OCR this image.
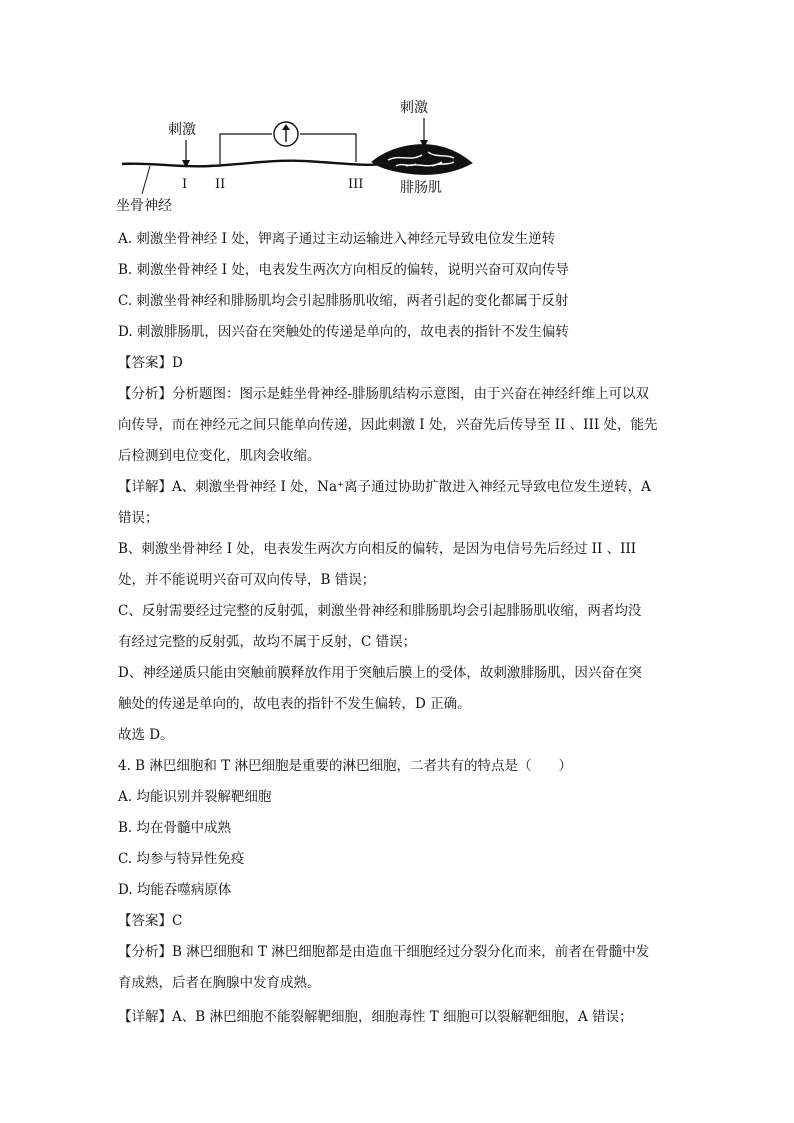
刺激
刺激
I II	III
坐骨神经
腓肠肌
A. 刺激坐骨神经 I 处，钾离子通过主动运输进入神经元导致电位发生逆转
B. 刺激坐骨神经 I 处，电表发生两次方向相反的偏转，说明兴奋可双向传导
C. 刺激坐骨神经和腓肠肌均会引起腓肠肌收缩，两者引起的变化都属于反射
D. 刺激腓肠肌，因兴奋在突触处的传递是单向的，故电表的指针不发生偏转
【答案】D
【分析】分析题图：图示是蛙坐骨神经-腓肠肌结构示意图，由于兴奋在神经纤维上可以双
向传导，而在神经元之间只能单向传递，因此刺激 I 处，兴奋先后传导至 II 、III 处，能先
后检测到电位变化，肌肉会收缩。
【详解】A、刺激坐骨神经 I 处，Na⁺离子通过协助扩散进入神经元导致电位发生逆转，A
错误；
B、刺激坐骨神经 I 处，电表发生两次方向相反的偏转，是因为电信号先后经过 II 、III
处，并不能说明兴奋可双向传导，B 错误；
C、反射需要经过完整的反射弧，刺激坐骨神经和腓肠肌均会引起腓肠肌收缩，两者均没
有经过完整的反射弧，故均不属于反射，C 错误；
D、神经递质只能由突触前膜释放作用于突触后膜上的受体，故刺激腓肠肌，因兴奋在突
触处的传递是单向的，故电表的指针不发生偏转，D 正确。
故选 D。
4. B 淋巴细胞和 T 淋巴细胞是重要的淋巴细胞，二者共有的特点是（　　）
A. 均能识别并裂解靶细胞
B. 均在骨髓中成熟
C. 均参与特异性免疫
D. 均能吞噬病原体
【答案】C
【分析】B 淋巴细胞和 T 淋巴细胞都是由造血干细胞经过分裂分化而来，前者在骨髓中发
育成熟，后者在胸腺中发育成熟。
【详解】A、B 淋巴细胞不能裂解靶细胞，细胞毒性 T 细胞可以裂解靶细胞，A 错误；
